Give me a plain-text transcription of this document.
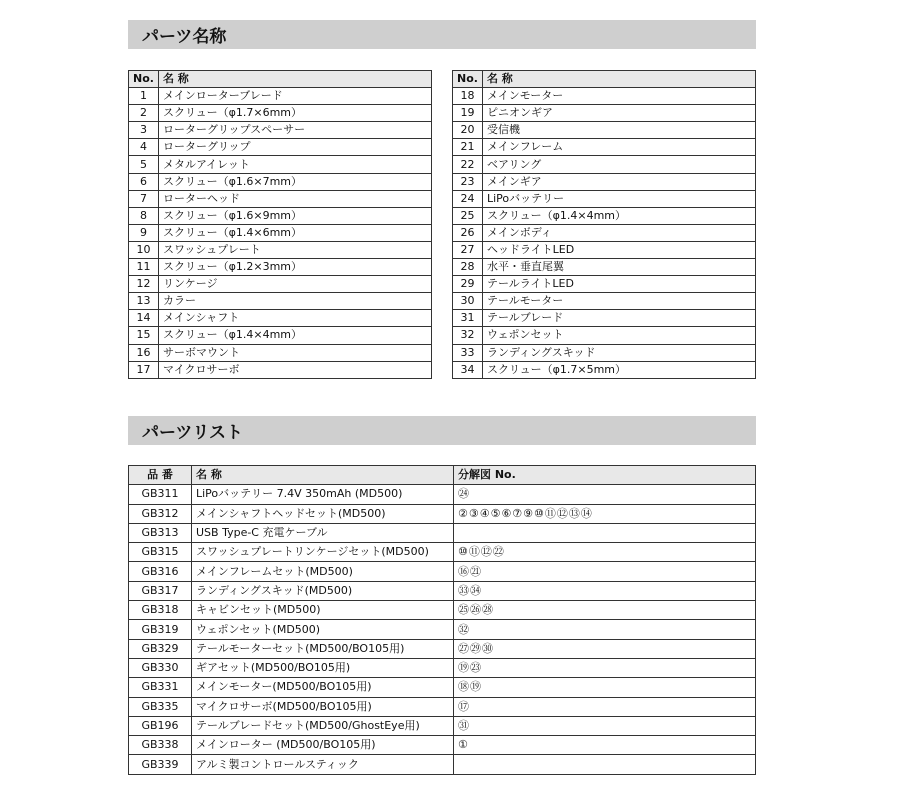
パーツ名称
No.	名 称
1	メインローターブレード
2	スクリュー（φ1.7×6mm）
3	ローターグリップスペーサー
4	ローターグリップ
5	メタルアイレット
6	スクリュー（φ1.6×7mm）
7	ローターヘッド
8	スクリュー（φ1.6×9mm）
9	スクリュー（φ1.4×6mm）
10	スワッシュプレート
11	スクリュー（φ1.2×3mm）
12	リンケージ
13	カラー
14	メインシャフト
15	スクリュー（φ1.4×4mm）
16	サーボマウント
17	マイクロサーボ
No.	名 称
18	メインモーター
19	ピニオンギア
20	受信機
21	メインフレーム
22	ベアリング
23	メインギア
24	LiPoバッテリー
25	スクリュー（φ1.4×4mm）
26	メインボディ
27	ヘッドライトLED
28	水平・垂直尾翼
29	テールライトLED
30	テールモーター
31	テールブレード
32	ウェポンセット
33	ランディングスキッド
34	スクリュー（φ1.7×5mm）
パーツリスト
品 番	名 称	分解図 No.
GB311	LiPoバッテリー 7.4V 350mAh (MD500)	㉔
GB312	メインシャフトヘッドセット(MD500)	②③④⑤⑥⑦⑨⑩⑪⑫⑬⑭
GB313	USB Type-C 充電ケーブル	
GB315	スワッシュプレートリンケージセット(MD500)	⑩⑪⑫㉒
GB316	メインフレームセット(MD500)	⑯㉑
GB317	ランディングスキッド(MD500)	㉝㉞
GB318	キャビンセット(MD500)	㉕㉖㉘
GB319	ウェポンセット(MD500)	㉜
GB329	テールモーターセット(MD500/BO105用)	㉗㉙㉚
GB330	ギアセット(MD500/BO105用)	⑲㉓
GB331	メインモーター(MD500/BO105用)	⑱⑲
GB335	マイクロサーボ(MD500/BO105用)	⑰
GB196	テールブレードセット(MD500/GhostEye用)	㉛
GB338	メインローター (MD500/BO105用)	①
GB339	アルミ製コントロールスティック	
